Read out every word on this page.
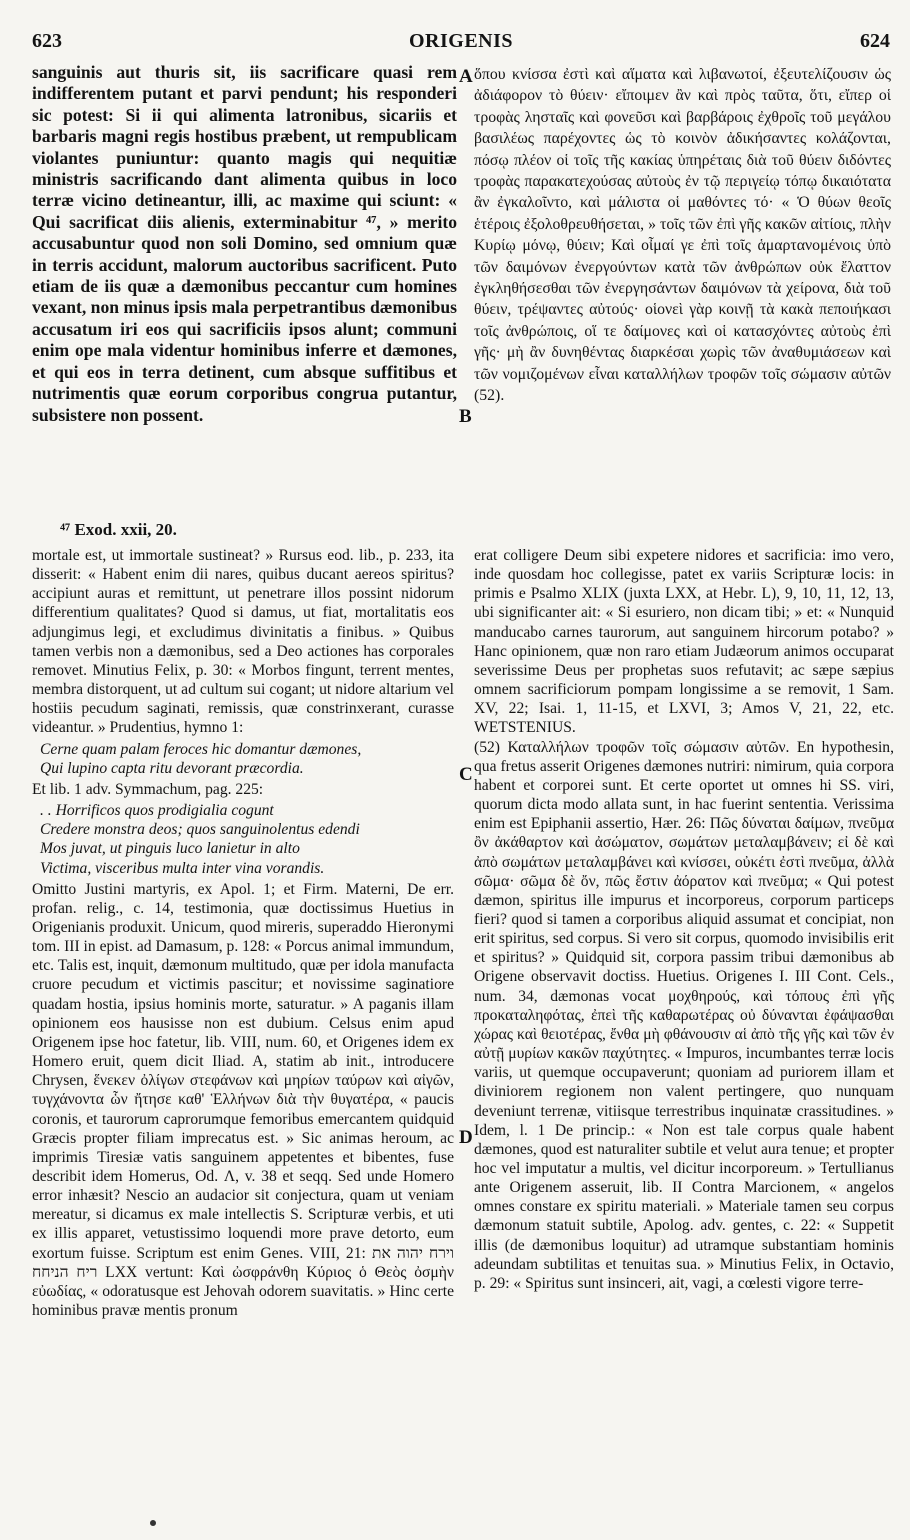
623	ORIGENIS	624

sanguinis aut thuris sit, iis sacrificare quasi rem indifferentem putant et parvi pendunt; his responderi sic potest: Si ii qui alimenta latronibus, sicariis et barbaris magni regis hostibus præbent, ut rempublicam violantes puniuntur: quanto magis qui nequitiæ ministris sacrificando dant alimenta quibus in loco terræ vicino detineantur, illi, ac maxime qui sciunt: « Qui sacrificat diis alienis, exterminabitur ⁴⁷, » merito accusabuntur quod non soli Domino, sed omnium quæ in terris accidunt, malorum auctoribus sacrificent. Puto etiam de iis quæ a dæmonibus peccantur cum homines vexant, non minus ipsis mala perpetrantibus dæmonibus accusatum iri eos qui sacrificiis ipsos alunt; communi enim ope mala videntur hominibus inferre et dæmones, et qui eos in terra detinent, cum absque suffitibus et nutrimentis quæ eorum corporibus congrua putantur, subsistere non possent.

A
B
C
D

ὅπου κνίσσα ἐστὶ καὶ αἵματα καὶ λιβανωτοί, ἐξευτελίζουσιν ὡς ἀδιάφορον τὸ θύειν· εἴποιμεν ἂν καὶ πρὸς ταῦτα, ὅτι, εἴπερ οἱ τροφὰς λησταῖς καὶ φονεῦσι καὶ βαρβάροις ἐχθροῖς τοῦ μεγάλου βασιλέως παρέχοντες ὡς τὸ κοινὸν ἀδικήσαντες κολάζονται, πόσῳ πλέον οἱ τοῖς τῆς κακίας ὑπηρέταις διὰ τοῦ θύειν διδόντες τροφὰς παρακατεχούσας αὐτοὺς ἐν τῷ περιγείῳ τόπῳ δικαιότατα ἂν ἐγκαλοῖντο, καὶ μάλιστα οἱ μαθόντες τό· « Ὁ θύων θεοῖς ἑτέροις ἐξολοθρευθήσεται, » τοῖς τῶν ἐπὶ γῆς κακῶν αἰτίοις, πλὴν Κυρίῳ μόνῳ, θύειν; Καὶ οἶμαί γε ἐπὶ τοῖς ἁμαρτανομένοις ὑπὸ τῶν δαιμόνων ἐνεργούντων κατὰ τῶν ἀνθρώπων οὐκ ἔλαττον ἐγκληθήσεσθαι τῶν ἐνεργησάντων δαιμόνων τὰ χείρονα, διὰ τοῦ θύειν, τρέψαντες αὐτούς· οἱονεὶ γὰρ κοινῇ τὰ κακὰ πεποιήκασι τοῖς ἀνθρώποις, οἵ τε δαίμονες καὶ οἱ κατασχόντες αὐτοὺς ἐπὶ γῆς· μὴ ἂν δυνηθέντας διαρκέσαι χωρὶς τῶν ἀναθυμιάσεων καὶ τῶν νομιζομένων εἶναι καταλλήλων τροφῶν τοῖς σώμασιν αὐτῶν (52).

⁴⁷ Exod. xxii, 20.

mortale est, ut immortale sustineat? » Rursus eod. lib., p. 233, ita disserit: « Habent enim dii nares, quibus ducant aereos spiritus? accipiunt auras et remittunt, ut penetrare illos possint nidorum differentium qualitates? Quod si damus, ut fiat, mortalitatis eos adjungimus legi, et excludimus divinitatis a finibus. » Quibus tamen verbis non a dæmonibus, sed a Deo actiones has corporales removet. Minutius Felix, p. 30: « Morbos fingunt, terrent mentes, membra distorquent, ut ad cultum sui cogant; ut nidore altarium vel hostiis pecudum saginati, remissis, quæ constrinxerant, curasse videantur. » Prudentius, hymno 1:

Cerne quam palam feroces hic domantur dæmones,
Qui lupino capta ritu devorant præcordia.

Et lib. 1 adv. Symmachum, pag. 225:

. . Horrificos quos prodigialia cogunt
Credere monstra deos; quos sanguinolentus edendi
Mos juvat, ut pinguis luco lanietur in alto
Victima, visceribus multa inter vina vorandis.

Omitto Justini martyris, ex Apol. 1; et Firm. Materni, De err. profan. relig., c. 14, testimonia, quæ doctissimus Huetius in Origenianis produxit. Unicum, quod mireris, superaddo Hieronymi tom. III in epist. ad Damasum, p. 128: « Porcus animal immundum, etc. Talis est, inquit, dæmonum multitudo, quæ per idola manufacta cruore pecudum et victimis pascitur; et novissime saginatiore quadam hostia, ipsius hominis morte, saturatur. » A paganis illam opinionem eos hausisse non est dubium. Celsus enim apud Origenem ipse hoc fatetur, lib. VIII, num. 60, et Origenes idem ex Homero eruit, quem dicit Iliad. A, statim ab init., introducere Chrysen, ἕνεκεν ὀλίγων στεφάνων καὶ μηρίων ταύρων καὶ αἰγῶν, τυγχάνοντα ὧν ἤτησε καθ' Ἑλλήνων διὰ τὴν θυγατέρα, « paucis coronis, et taurorum caprorumque femoribus emercantem quidquid Græcis propter filiam imprecatus est. » Sic animas heroum, ac imprimis Tiresiæ vatis sanguinem appetentes et bibentes, fuse describit idem Homerus, Od. Λ, v. 38 et seqq. Sed unde Homero error inhæsit? Nescio an audacior sit conjectura, quam ut veniam mereatur, si dicamus ex male intellectis S. Scripturæ verbis, et uti ex illis apparet, vetustissimo loquendi more prave detorto, eum exortum fuisse. Scriptum est enim Genes. VIII, 21: וירח יהוה את ריח הניחח LXX vertunt: Καὶ ὠσφράνθη Κύριος ὁ Θεὸς ὀσμὴν εὐωδίας, « odoratusque est Jehovah odorem suavitatis. » Hinc certe hominibus pravæ mentis pronum

erat colligere Deum sibi expetere nidores et sacrificia: imo vero, inde quosdam hoc collegisse, patet ex variis Scripturæ locis: in primis e Psalmo XLIX (juxta LXX, at Hebr. L), 9, 10, 11, 12, 13, ubi significanter ait: « Si esuriero, non dicam tibi; » et: « Nunquid manducabo carnes taurorum, aut sanguinem hircorum potabo? » Hanc opinionem, quæ non raro etiam Judæorum animos occuparat severissime Deus per prophetas suos refutavit; ac sæpe sæpius omnem sacrificiorum pompam longissime a se removit, 1 Sam. XV, 22; Isai. 1, 11-15, et LXVI, 3; Amos V, 21, 22, etc. WETSTENIUS.

(52) Καταλλήλων τροφῶν τοῖς σώμασιν αὐτῶν. En hypothesin, qua fretus asserit Origenes dæmones nutriri: nimirum, quia corpora habent et corporei sunt. Et certe oportet ut omnes hi SS. viri, quorum dicta modo allata sunt, in hac fuerint sententia. Verissima enim est Epiphanii assertio, Hær. 26: Πῶς δύναται δαίμων, πνεῦμα ὂν ἀκάθαρτον καὶ ἀσώματον, σωμάτων μεταλαμβάνειν; εἰ δὲ καὶ ἀπὸ σωμάτων μεταλαμβάνει καὶ κνίσσει, οὐκέτι ἐστὶ πνεῦμα, ἀλλὰ σῶμα· σῶμα δὲ ὄν, πῶς ἔστιν ἀόρατον καὶ πνεῦμα; « Qui potest dæmon, spiritus ille impurus et incorporeus, corporum particeps fieri? quod si tamen a corporibus aliquid assumat et concipiat, non erit spiritus, sed corpus. Si vero sit corpus, quomodo invisibilis erit et spiritus? » Quidquid sit, corpora passim tribui dæmonibus ab Origene observavit doctiss. Huetius. Origenes I. III Cont. Cels., num. 34, dæmonas vocat μοχθηρούς, καὶ τόπους ἐπὶ γῆς προκαταληφότας, ἐπεὶ τῆς καθαρωτέρας οὐ δύνανται ἐφάψασθαι χώρας καὶ θειοτέρας, ἔνθα μὴ φθάνουσιν αἱ ἀπὸ τῆς γῆς καὶ τῶν ἐν αὐτῇ μυρίων κακῶν παχύτητες. « Impuros, incumbantes terræ locis variis, ut quemque occupaverunt; quoniam ad puriorem illam et diviniorem regionem non valent pertingere, quo nunquam deveniunt terrenæ, vitiisque terrestribus inquinatæ crassitudines. » Idem, l. 1 De princip.: « Non est tale corpus quale habent dæmones, quod est naturaliter subtile et velut aura tenue; et propter hoc vel imputatur a multis, vel dicitur incorporeum. » Tertullianus ante Origenem asseruit, lib. II Contra Marcionem, « angelos omnes constare ex spiritu materiali. » Materiale tamen seu corpus dæmonum statuit subtile, Apolog. adv. gentes, c. 22: « Suppetit illis (de dæmonibus loquitur) ad utramque substantiam hominis adeundam subtilitas et tenuitas sua. » Minutius Felix, in Octavio, p. 29: « Spiritus sunt insinceri, ait, vagi, a cœlesti vigore terre-
